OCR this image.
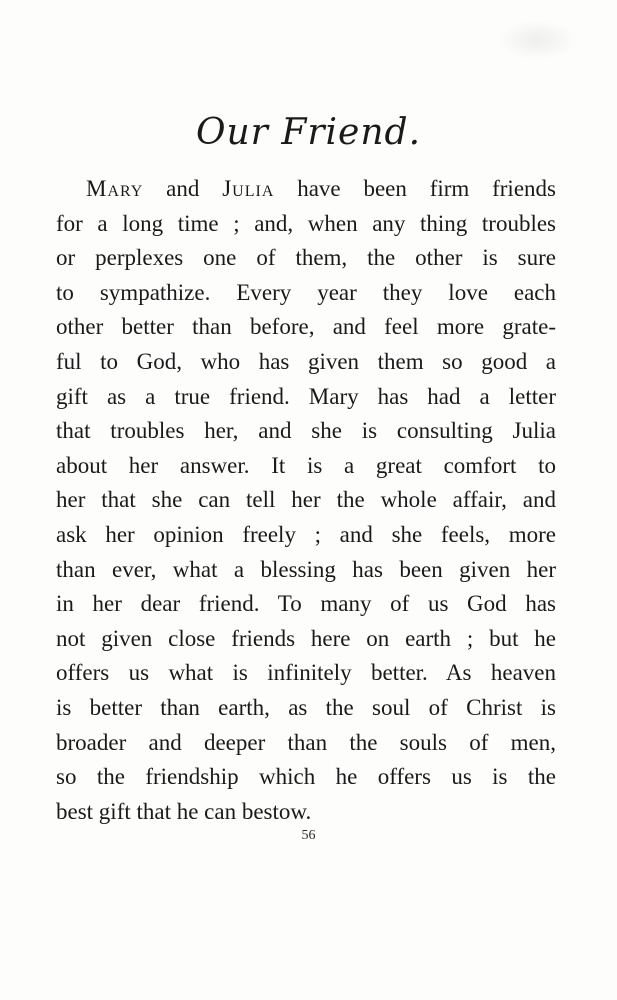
Our Friend.
Mary and Julia have been firm friends
for a long time ; and, when any thing troubles
or perplexes one of them, the other is sure
to sympathize. Every year they love each
other better than before, and feel more grate-
ful to God, who has given them so good a
gift as a true friend. Mary has had a letter
that troubles her, and she is consulting Julia
about her answer. It is a great comfort to
her that she can tell her the whole affair, and
ask her opinion freely ; and she feels, more
than ever, what a blessing has been given her
in her dear friend. To many of us God has
not given close friends here on earth ; but he
offers us what is infinitely better. As heaven
is better than earth, as the soul of Christ is
broader and deeper than the souls of men,
so the friendship which he offers us is the
best gift that he can bestow.
56
